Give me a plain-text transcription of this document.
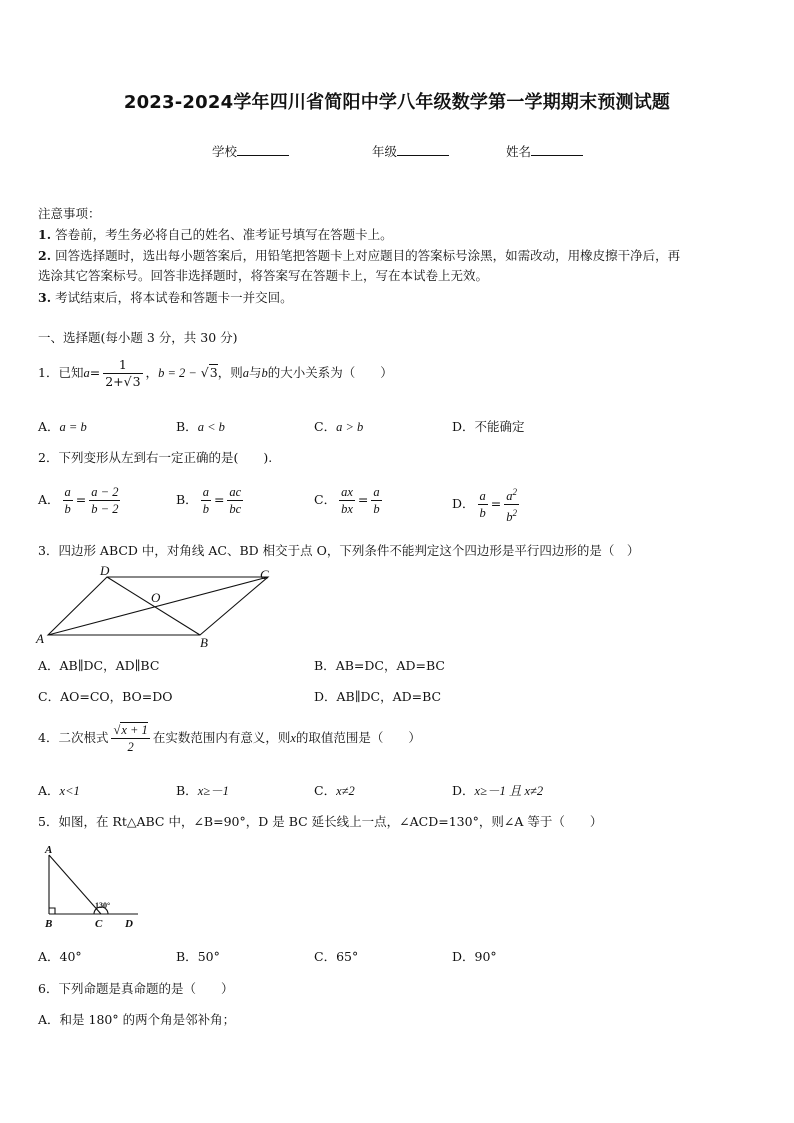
2023-2024学年四川省简阳中学八年级数学第一学期期末预测试题
学校	年级	姓名
注意事项：
1. 答卷前，考生务必将自己的姓名、准考证号填写在答题卡上。
2. 回答选择题时，选出每小题答案后，用铅笔把答题卡上对应题目的答案标号涂黑，如需改动，用橡皮擦干净后，再
选涂其它答案标号。回答非选择题时，将答案写在答题卡上，写在本试卷上无效。
3. 考试结束后，将本试卷和答题卡一并交回。
一、选择题(每小题 3 分，共 30 分)
1．已知$a= \frac{1}{2+√3}$ ，b = 2 − √3，则a与b的大小关系为（　　）
A．a = b	B．a < b	C．a > b	D．不能确定
2．下列变形从左到右一定正确的是(　　).
A． $\frac{a}{b} = \frac{a - 2}{b - 2}$	B． $\frac{a}{b} = \frac{ac}{bc}$	C． $\frac{ax}{bx} = \frac{a}{b}$	D． $\frac{a}{b} = \frac{a^2}{b^2}$
3．四边形 ABCD 中，对角线 AC、BD 相交于点 O，下列条件不能判定这个四边形是平行四边形的是（　）
A	B
C
D
O
A．AB∥DC，AD∥BC	B．AB=DC，AD=BC
C．AO=CO，BO=DO	D．AB∥DC，AD=BC
4．二次根式 $\frac{√x + 1}{2}$ 在实数范围内有意义，则x的取值范围是（　　）
A．x<1	B．x≥－1	C．x≠2	D．x≥－1 且 x≠2
5．如图，在 Rt△ABC 中，∠B=90°，D 是 BC 延长线上一点，∠ACD=130°，则∠A 等于（　　）
A
B	C D
130°
A．40°	B．50°	C．65°	D．90°
6．下列命题是真命题的是（　　）
A．和是 180° 的两个角是邻补角；
